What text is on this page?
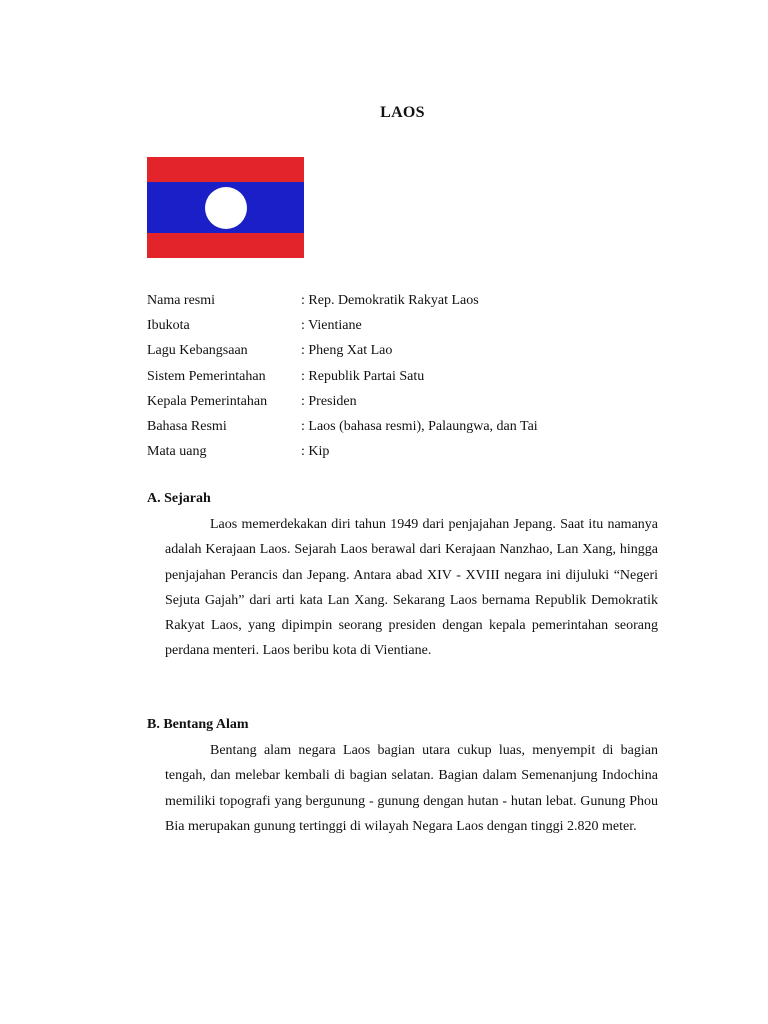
LAOS
Nama resmi	: Rep. Demokratik Rakyat Laos
Ibukota	: Vientiane
Lagu Kebangsaan	: Pheng Xat Lao
Sistem Pemerintahan	: Republik Partai Satu
Kepala Pemerintahan	: Presiden
Bahasa Resmi	: Laos (bahasa resmi), Palaungwa, dan Tai
Mata uang	: Kip
A. Sejarah

Laos memerdekakan diri tahun 1949 dari penjajahan Jepang. Saat itu namanya adalah Kerajaan Laos. Sejarah Laos berawal dari Kerajaan Nanzhao, Lan Xang, hingga penjajahan Perancis dan Jepang. Antara abad XIV - XVIII negara ini dijuluki “Negeri Sejuta Gajah” dari arti kata Lan Xang. Sekarang Laos bernama Republik Demokratik Rakyat Laos, yang dipimpin seorang presiden dengan kepala pemerintahan seorang perdana menteri. Laos beribu kota di Vientiane.

B. Bentang Alam

Bentang alam negara Laos bagian utara cukup luas, menyempit di bagian tengah, dan melebar kembali di bagian selatan. Bagian dalam Semenanjung Indochina memiliki topografi yang bergunung - gunung dengan hutan - hutan lebat. Gunung Phou Bia merupakan gunung tertinggi di wilayah Negara Laos dengan tinggi 2.820 meter.
